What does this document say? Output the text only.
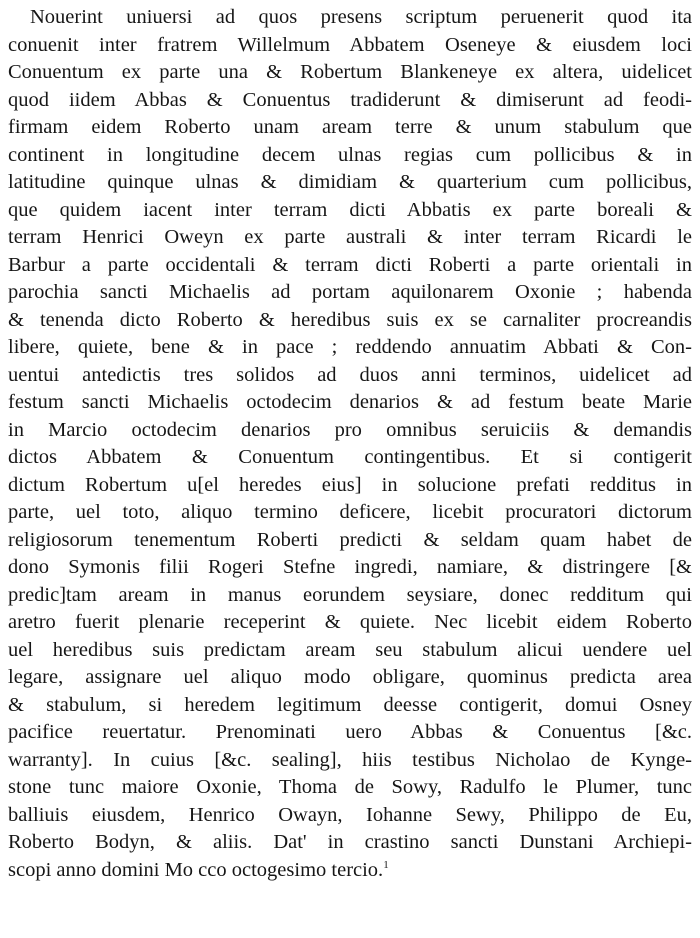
Nouerint uniuersi ad quos presens scriptum peruenerit quod ita
conuenit inter fratrem Willelmum Abbatem Oseneye & eiusdem loci
Conuentum ex parte una & Robertum Blankeneye ex altera, uidelicet
quod iidem Abbas & Conuentus tradiderunt & dimiserunt ad feodi-
firmam eidem Roberto unam aream terre & unum stabulum que
continent in longitudine decem ulnas regias cum pollicibus & in
latitudine quinque ulnas & dimidiam & quarterium cum pollicibus,
que quidem iacent inter terram dicti Abbatis ex parte boreali &
terram Henrici Oweyn ex parte australi & inter terram Ricardi le
Barbur a parte occidentali & terram dicti Roberti a parte orientali in
parochia sancti Michaelis ad portam aquilonarem Oxonie ; habenda
& tenenda dicto Roberto & heredibus suis ex se carnaliter procreandis
libere, quiete, bene & in pace ; reddendo annuatim Abbati & Con-
uentui antedictis tres solidos ad duos anni terminos, uidelicet ad
festum sancti Michaelis octodecim denarios & ad festum beate Marie
in Marcio octodecim denarios pro omnibus seruiciis & demandis
dictos Abbatem & Conuentum contingentibus. Et si contigerit
dictum Robertum u[el heredes eius] in solucione prefati redditus in
parte, uel toto, aliquo termino deficere, licebit procuratori dictorum
religiosorum tenementum Roberti predicti & seldam quam habet de
dono Symonis filii Rogeri Stefne ingredi, namiare, & distringere [&
predic]tam aream in manus eorundem seysiare, donec redditum qui
aretro fuerit plenarie receperint & quiete. Nec licebit eidem Roberto
uel heredibus suis predictam aream seu stabulum alicui uendere uel
legare, assignare uel aliquo modo obligare, quominus predicta area
& stabulum, si heredem legitimum deesse contigerit, domui Osney
pacifice reuertatur. Prenominati uero Abbas & Conuentus [&c.
warranty]. In cuius [&c. sealing], hiis testibus Nicholao de Kynge-
stone tunc maiore Oxonie, Thoma de Sowy, Radulfo le Plumer, tunc
balliuis eiusdem, Henrico Owayn, Iohanne Sewy, Philippo de Eu,
Roberto Bodyn, & aliis. Dat' in crastino sancti Dunstani Archiepi-
scopi anno domini Mo cco octogesimo tercio.$^1$
